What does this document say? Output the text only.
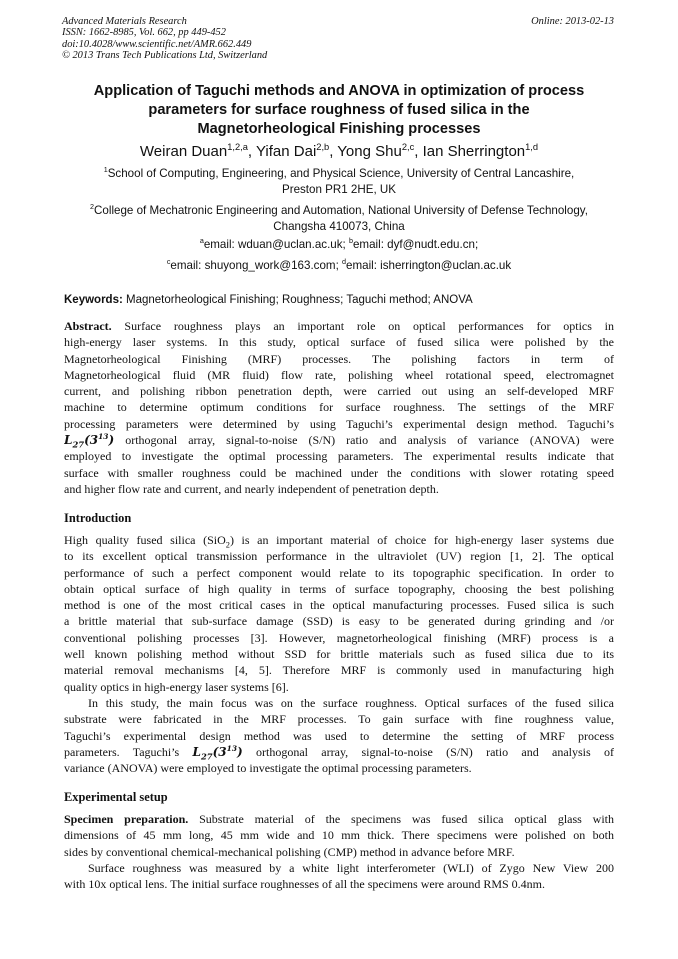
Advanced Materials Research
ISSN: 1662-8985, Vol. 662, pp 449-452
doi:10.4028/www.scientific.net/AMR.662.449
© 2013 Trans Tech Publications Ltd, Switzerland
Online: 2013-02-13
Application of Taguchi methods and ANOVA in optimization of process
parameters for surface roughness of fused silica in the
Magnetorheological Finishing processes
Weiran Duan$^{1,2,a}$, Yifan Dai$^{2,b}$, Yong Shu$^{2,c}$, Ian Sherrington$^{1,d}$
$^1$School of Computing, Engineering, and Physical Science, University of Central Lancashire,
Preston PR1 2HE, UK
$^2$College of Mechatronic Engineering and Automation, National University of Defense Technology,
Changsha 410073, China
$^a$email: wduan@uclan.ac.uk; $^b$email: dyf@nudt.edu.cn;
$^c$email: shuyong_work@163.com; $^d$email: isherrington@uclan.ac.uk
Keywords: Magnetorheological Finishing; Roughness; Taguchi method; ANOVA
Abstract. Surface roughness plays an important role on optical performances for optics in
high-energy laser systems. In this study, optical surface of fused silica were polished by the
Magnetorheological Finishing (MRF) processes. The polishing factors in term of
Magnetorheological fluid (MR fluid) flow rate, polishing wheel rotational speed, electromagnet
current, and polishing ribbon penetration depth, were carried out using an self-developed MRF
machine to determine optimum conditions for surface roughness. The settings of the MRF
processing parameters were determined by using Taguchi’s experimental design method. Taguchi’s
$L_{27}(3^{13})$ orthogonal array, signal-to-noise (S/N) ratio and analysis of variance (ANOVA) were
employed to investigate the optimal processing parameters. The experimental results indicate that
surface with smaller roughness could be machined under the conditions with slower rotating speed
and higher flow rate and current, and nearly independent of penetration depth.
Introduction
High quality fused silica (SiO$_2$) is an important material of choice for high-energy laser systems due
to its excellent optical transmission performance in the ultraviolet (UV) region [1, 2]. The optical
performance of such a perfect component would relate to its topographic specification. In order to
obtain optical surface of high quality in terms of surface topography, choosing the best polishing
method is one of the most critical cases in the optical manufacturing processes. Fused silica is such
a brittle material that sub-surface damage (SSD) is easy to be generated during grinding and /or
conventional polishing processes [3]. However, magnetorheological finishing (MRF) process is a
well known polishing method without SSD for brittle materials such as fused silica due to its
material removal mechanisms [4, 5]. Therefore MRF is commonly used in manufacturing high
quality optics in high-energy laser systems [6].
In this study, the main focus was on the surface roughness. Optical surfaces of the fused silica
substrate were fabricated in the MRF processes. To gain surface with fine roughness value,
Taguchi’s experimental design method was used to determine the setting of MRF process
parameters. Taguchi’s $L_{27}(3^{13})$ orthogonal array, signal-to-noise (S/N) ratio and analysis of
variance (ANOVA) were employed to investigate the optimal processing parameters.
Experimental setup
Specimen preparation. Substrate material of the specimens was fused silica optical glass with
dimensions of 45 mm long, 45 mm wide and 10 mm thick. There specimens were polished on both
sides by conventional chemical-mechanical polishing (CMP) method in advance before MRF.
Surface roughness was measured by a white light interferometer (WLI) of Zygo New View 200
with 10x optical lens. The initial surface roughnesses of all the specimens were around RMS 0.4nm.
